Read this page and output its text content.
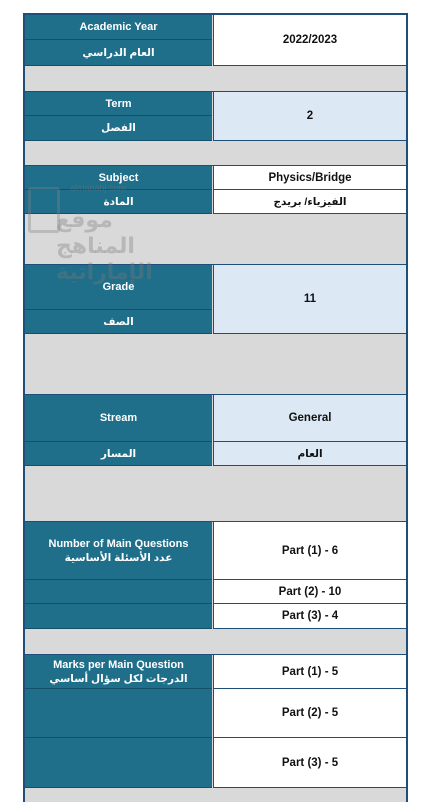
Academic Year
العام الدراسي
2022/2023
Term
الفصل
2
Subject
المادة
Physics/Bridge
الفيزياء/ بريدج
Grade
الصف
11
Stream
المسار
General
العام
Number of Main Questions
عدد الأسئلة الأساسية
Part (1) - 6
Part (2) - 10
Part (3) - 4
Marks per Main Question
الدرجات لكل سؤال أساسي
Part (1) - 5
Part (2) - 5
Part (3) - 5
almanahj.com
موقع المناهج الإماراتية
